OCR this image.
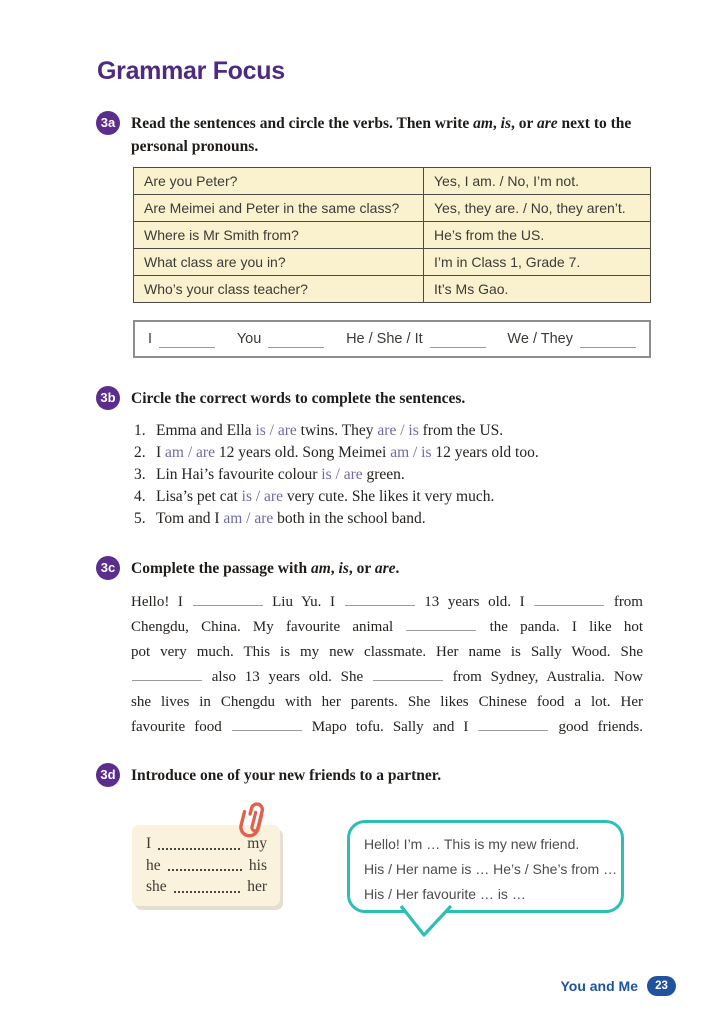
Grammar Focus
3a	Read the sentences and circle the verbs. Then write am, is, or are next to the personal pronouns.

Are you Peter?	Yes, I am. / No, I’m not.
Are Meimei and Peter in the same class?	Yes, they are. / No, they aren’t.
Where is Mr Smith from?	He’s from the US.
What class are you in?	I’m in Class 1, Grade 7.
Who’s your class teacher?	It’s Ms Gao.
I	You	He / She / It	We / They
3b Circle the correct words to complete the sentences.

1. Emma and Ella is / are twins. They are / is from the US.
2. I am / are 12 years old. Song Meimei am / is 12 years old too.
3. Lin Hai’s favourite colour is / are green.
4. Lisa’s pet cat is / are very cute. She likes it very much.
5. Tom and I am / are both in the school band.
3c	Complete the passage with am, is, or are.

Hello! I	Liu Yu. I	13 years old. I	from
Chengdu, China. My favourite animal	the panda. I like hot
pot very much. This is my new classmate. Her name is Sally Wood. She
also 13 years old. She	from Sydney, Australia. Now
she lives in Chengdu with her parents. She likes Chinese food a lot. Her
favourite food	Mapo tofu. Sally and I	good friends.
3d Introduce one of your new friends to a partner.

I	my
he	his
she	her
Hello! I’m … This is my new friend.
His / Her name is … He’s / She’s from …
His / Her favourite … is …
You and Me	23
